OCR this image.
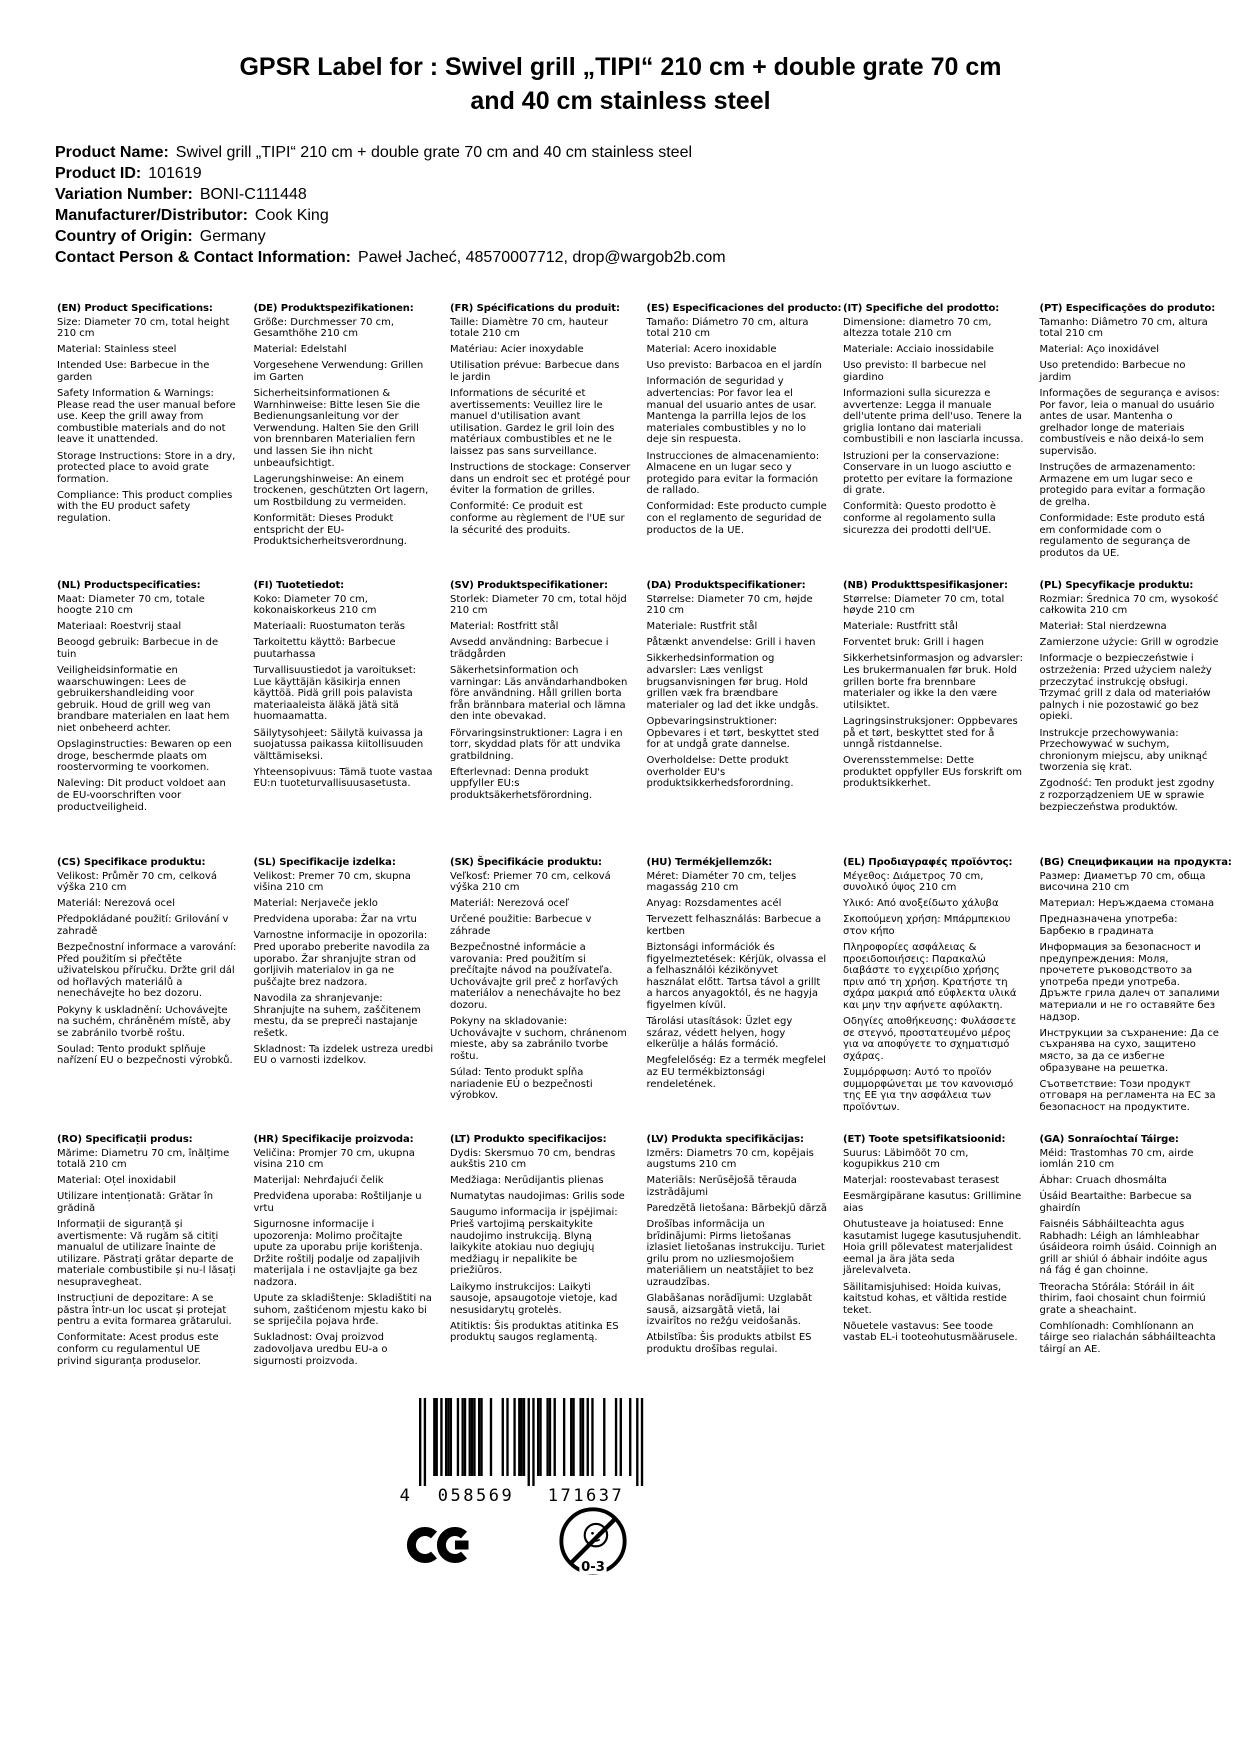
GPSR Label for : Swivel grill „TIPI“ 210 cm + double grate 70 cm
and 40 cm stainless steel
Product Name: Swivel grill „TIPI“ 210 cm + double grate 70 cm and 40 cm stainless steel
Product ID: 101619
Variation Number: BONI-C111448
Manufacturer/Distributor: Cook King
Country of Origin: Germany
Contact Person & Contact Information: Paweł Jacheć, 48570007712, drop@wargob2b.com

(EN) Product Specifications:

Size: Diameter 70 cm, total height 210 cm

Material: Stainless steel

Intended Use: Barbecue in the garden

Safety Information & Warnings: Please read the user manual before use. Keep the grill away from combustible materials and do not leave it unattended.

Storage Instructions: Store in a dry, protected place to avoid grate formation.

Compliance: This product complies with the EU product safety regulation.

(DE) Produktspezifikationen:

Größe: Durchmesser 70 cm, Gesamthöhe 210 cm

Material: Edelstahl

Vorgesehene Verwendung: Grillen im Garten

Sicherheitsinformationen & Warnhinweise: Bitte lesen Sie die Bedienungsanleitung vor der Verwendung. Halten Sie den Grill von brennbaren Materialien fern und lassen Sie ihn nicht unbeaufsichtigt.

Lagerungshinweise: An einem trockenen, geschützten Ort lagern, um Rostbildung zu vermeiden.

Konformität: Dieses Produkt entspricht der EU-Produktsicherheitsverordnung.

(FR) Spécifications du produit:

Taille: Diamètre 70 cm, hauteur totale 210 cm

Matériau: Acier inoxydable

Utilisation prévue: Barbecue dans le jardin

Informations de sécurité et avertissements: Veuillez lire le manuel d'utilisation avant utilisation. Gardez le gril loin des matériaux combustibles et ne le laissez pas sans surveillance.

Instructions de stockage: Conserver dans un endroit sec et protégé pour éviter la formation de grilles.

Conformité: Ce produit est conforme au règlement de l'UE sur la sécurité des produits.

(ES) Especificaciones del producto:

Tamaño: Diámetro 70 cm, altura total 210 cm

Material: Acero inoxidable

Uso previsto: Barbacoa en el jardín

Información de seguridad y advertencias: Por favor lea el manual del usuario antes de usar. Mantenga la parrilla lejos de los materiales combustibles y no lo deje sin respuesta.

Instrucciones de almacenamiento: Almacene en un lugar seco y protegido para evitar la formación de rallado.

Conformidad: Este producto cumple con el reglamento de seguridad de productos de la UE.

(IT) Specifiche del prodotto:

Dimensione: diametro 70 cm, altezza totale 210 cm

Materiale: Acciaio inossidabile

Uso previsto: Il barbecue nel giardino

Informazioni sulla sicurezza e avvertenze: Legga il manuale dell'utente prima dell'uso. Tenere la griglia lontano dai materiali combustibili e non lasciarla incussa.

Istruzioni per la conservazione: Conservare in un luogo asciutto e protetto per evitare la formazione di grate.

Conformità: Questo prodotto è conforme al regolamento sulla sicurezza dei prodotti dell'UE.

(PT) Especificações do produto:

Tamanho: Diâmetro 70 cm, altura total 210 cm

Material: Aço inoxidável

Uso pretendido: Barbecue no jardim

Informações de segurança e avisos: Por favor, leia o manual do usuário antes de usar. Mantenha o grelhador longe de materiais combustíveis e não deixá-lo sem supervisão.

Instruções de armazenamento: Armazene em um lugar seco e protegido para evitar a formação de grelha.

Conformidade: Este produto está em conformidade com o regulamento de segurança de produtos da UE.

(NL) Productspecificaties:

Maat: Diameter 70 cm, totale hoogte 210 cm

Materiaal: Roestvrij staal

Beoogd gebruik: Barbecue in de tuin

Veiligheidsinformatie en waarschuwingen: Lees de gebruikershandleiding voor gebruik. Houd de grill weg van brandbare materialen en laat hem niet onbeheerd achter.

Opslaginstructies: Bewaren op een droge, beschermde plaats om roostervorming te voorkomen.

Naleving: Dit product voldoet aan de EU-voorschriften voor productveiligheid.

(FI) Tuotetiedot:

Koko: Diameter 70 cm, kokonaiskorkeus 210 cm

Materiaali: Ruostumaton teräs

Tarkoitettu käyttö: Barbecue puutarhassa

Turvallisuustiedot ja varoitukset: Lue käyttäjän käsikirja ennen käyttöä. Pidä grill pois palavista materiaaleista äläkä jätä sitä huomaamatta.

Säilytysohjeet: Säilytä kuivassa ja suojatussa paikassa kiitollisuuden välttämiseksi.

Yhteensopivuus: Tämä tuote vastaa EU:n tuoteturvallisuusasetusta.

(SV) Produktspecifikationer:

Storlek: Diameter 70 cm, total höjd 210 cm

Material: Rostfritt stål

Avsedd användning: Barbecue i trädgården

Säkerhetsinformation och varningar: Läs användarhandboken före användning. Håll grillen borta från brännbara material och lämna den inte obevakad.

Förvaringsinstruktioner: Lagra i en torr, skyddad plats för att undvika gratbildning.

Efterlevnad: Denna produkt uppfyller EU:s produktsäkerhetsförordning.

(DA) Produktspecifikationer:

Størrelse: Diameter 70 cm, højde 210 cm

Materiale: Rustfrit stål

Påtænkt anvendelse: Grill i haven

Sikkerhedsinformation og advarsler: Læs venligst brugsanvisningen før brug. Hold grillen væk fra brændbare materialer og lad det ikke undgås.

Opbevaringsinstruktioner: Opbevares i et tørt, beskyttet sted for at undgå grate dannelse.

Overholdelse: Dette produkt overholder EU's produktsikkerhedsforordning.

(NB) Produkttspesifikasjoner:

Størrelse: Diameter 70 cm, total høyde 210 cm

Materiale: Rustfritt stål

Forventet bruk: Grill i hagen

Sikkerhetsinformasjon og advarsler: Les brukermanualen før bruk. Hold grillen borte fra brennbare materialer og ikke la den være utilsiktet.

Lagringsinstruksjoner: Oppbevares på et tørt, beskyttet sted for å unngå ristdannelse.

Overensstemmelse: Dette produktet oppfyller EUs forskrift om produktsikkerhet.

(PL) Specyfikacje produktu:

Rozmiar: Średnica 70 cm, wysokość całkowita 210 cm

Materiał: Stal nierdzewna

Zamierzone użycie: Grill w ogrodzie

Informacje o bezpieczeństwie i ostrzeżenia: Przed użyciem należy przeczytać instrukcję obsługi. Trzymać grill z dala od materiałów palnych i nie pozostawić go bez opieki.

Instrukcje przechowywania: Przechowywać w suchym, chronionym miejscu, aby uniknąć tworzenia się krat.

Zgodność: Ten produkt jest zgodny z rozporządzeniem UE w sprawie bezpieczeństwa produktów.

(CS) Specifikace produktu:

Velikost: Průměr 70 cm, celková výška 210 cm

Materiál: Nerezová ocel

Předpokládané použití: Grilování v zahradě

Bezpečnostní informace a varování: Před použitím si přečtěte uživatelskou příručku. Držte gril dál od hořlavých materiálů a nenechávejte ho bez dozoru.

Pokyny k uskladnění: Uchovávejte na suchém, chráněném místě, aby se zabránilo tvorbě roštu.

Soulad: Tento produkt splňuje nařízení EU o bezpečnosti výrobků.

(SL) Specifikacije izdelka:

Velikost: Premer 70 cm, skupna višina 210 cm

Material: Nerjaveče jeklo

Predvidena uporaba: Žar na vrtu

Varnostne informacije in opozorila: Pred uporabo preberite navodila za uporabo. Žar shranjujte stran od gorljivih materialov in ga ne puščajte brez nadzora.

Navodila za shranjevanje: Shranjujte na suhem, zaščitenem mestu, da se prepreči nastajanje rešetk.

Skladnost: Ta izdelek ustreza uredbi EU o varnosti izdelkov.

(SK) Špecifikácie produktu:

Veľkosť: Priemer 70 cm, celková výška 210 cm

Materiál: Nerezová oceľ

Určené použitie: Barbecue v záhrade

Bezpečnostné informácie a varovania: Pred použitím si prečítajte návod na používateľa. Uchovávajte gril preč z horľavých materiálov a nenechávajte ho bez dozoru.

Pokyny na skladovanie: Uchovávajte v suchom, chránenom mieste, aby sa zabránilo tvorbe roštu.

Súlad: Tento produkt spĺňa nariadenie EÚ o bezpečnosti výrobkov.

(HU) Termékjellemzők:

Méret: Diaméter 70 cm, teljes magasság 210 cm

Anyag: Rozsdamentes acél

Tervezett felhasználás: Barbecue a kertben

Biztonsági információk és figyelmeztetések: Kérjük, olvassa el a felhasználói kézikönyvet használat előtt. Tartsa távol a grillt a harcos anyagoktól, és ne hagyja figyelmen kívül.

Tárolási utasítások: Üzlet egy száraz, védett helyen, hogy elkerülje a hálás formáció.

Megfelelőség: Ez a termék megfelel az EU termékbiztonsági rendeletének.

(EL) Προδιαγραφές προϊόντος:

Μέγεθος: Διάμετρος 70 cm, συνολικό ύψος 210 cm

Υλικό: Από ανοξείδωτο χάλυβα

Σκοπούμενη χρήση: Μπάρμπεκιου στον κήπο

Πληροφορίες ασφάλειας & προειδοποιήσεις: Παρακαλώ διαβάστε το εγχειρίδιο χρήσης πριν από τη χρήση. Κρατήστε τη σχάρα μακριά από εύφλεκτα υλικά και μην την αφήνετε αφύλακτη.

Οδηγίες αποθήκευσης: Φυλάσσετε σε στεγνό, προστατευμένο μέρος για να αποφύγετε το σχηματισμό σχάρας.

Συμμόρφωση: Αυτό το προϊόν συμμορφώνεται με τον κανονισμό της ΕΕ για την ασφάλεια των προϊόντων.

(BG) Спецификации на продукта:

Размер: Диаметър 70 cm, обща височина 210 cm

Материал: Неръждаема стомана

Предназначена употреба: Барбекю в градината

Информация за безопасност и предупреждения: Моля, прочетете ръководството за употреба преди употреба. Дръжте грила далеч от запалими материали и не го оставяйте без надзор.

Инструкции за съхранение: Да се съхранява на сухо, защитено място, за да се избегне образуване на решетка.

Съответствие: Този продукт отговаря на регламента на ЕС за безопасност на продуктите.

(RO) Specificații produs:

Mărime: Diametru 70 cm, înălțime totală 210 cm

Material: Oțel inoxidabil

Utilizare intenționată: Grătar în grădină

Informații de siguranță și avertismente: Vă rugăm să citiți manualul de utilizare înainte de utilizare. Păstrați grătar departe de materiale combustibile și nu-l lăsați nesupravegheat.

Instrucțiuni de depozitare: A se păstra într-un loc uscat și protejat pentru a evita formarea grătarului.

Conformitate: Acest produs este conform cu regulamentul UE privind siguranța produselor.

(HR) Specifikacije proizvoda:

Veličina: Promjer 70 cm, ukupna visina 210 cm

Materijal: Nehrđajući čelik

Predviđena uporaba: Roštiljanje u vrtu

Sigurnosne informacije i upozorenja: Molimo pročitajte upute za uporabu prije korištenja. Držite roštilj podalje od zapaljivih materijala i ne ostavljajte ga bez nadzora.

Upute za skladištenje: Skladištiti na suhom, zaštićenom mjestu kako bi se spriječila pojava hrđe.

Sukladnost: Ovaj proizvod zadovoljava uredbu EU-a o sigurnosti proizvoda.

(LT) Produkto specifikacijos:

Dydis: Skersmuo 70 cm, bendras aukštis 210 cm

Medžiaga: Nerūdijantis plienas

Numatytas naudojimas: Grilis sode

Saugumo informacija ir įspėjimai: Prieš vartojimą perskaitykite naudojimo instrukciją. Blyną laikykite atokiau nuo degiųjų medžiagų ir nepalikite be priežiūros.

Laikymo instrukcijos: Laikyti sausoje, apsaugotoje vietoje, kad nesusidarytų grotelės.

Atitiktis: Šis produktas atitinka ES produktų saugos reglamentą.

(LV) Produkta specifikācijas:

Izmērs: Diametrs 70 cm, kopējais augstums 210 cm

Materiāls: Nerūsējošā tērauda izstrādājumi

Paredzētā lietošana: Bārbekjū dārzā

Drošības informācija un brīdinājumi: Pirms lietošanas izlasiet lietošanas instrukciju. Turiet grilu prom no uzliesmojošiem materiāliem un neatstājiet to bez uzraudzības.

Glabāšanas norādījumi: Uzglabāt sausā, aizsargātā vietā, lai izvairītos no režģu veidošanās.

Atbilstība: Šis produkts atbilst ES produktu drošības regulai.

(ET) Toote spetsifikatsioonid:

Suurus: Läbimõõt 70 cm, kogupikkus 210 cm

Materjal: roostevabast terasest

Eesmärgipärane kasutus: Grillimine aias

Ohutusteave ja hoiatused: Enne kasutamist lugege kasutusjuhendit. Hoia grill põlevatest materjalidest eemal ja ära jäta seda järelevalveta.

Säilitamisjuhised: Hoida kuivas, kaitstud kohas, et vältida restide teket.

Nõuetele vastavus: See toode vastab EL-i tooteohutusmäärusele.

(GA) Sonraíochtaí Táirge:

Méid: Trastomhas 70 cm, airde iomlán 210 cm

Ábhar: Cruach dhosmálta

Úsáid Beartaithe: Barbecue sa ghairdín

Faisnéis Sábháilteachta agus Rabhadh: Léigh an lámhleabhar úsáideora roimh úsáid. Coinnigh an grill ar shiúl ó ábhair indóite agus ná fág é gan choinne.

Treoracha Stórála: Stóráil in áit thirim, faoi chosaint chun foirmiú grate a sheachaint.

Comhlíonadh: Comhlíonann an táirge seo rialachán sábháilteachta táirgí an AE.

4 058569 171637
0-3
